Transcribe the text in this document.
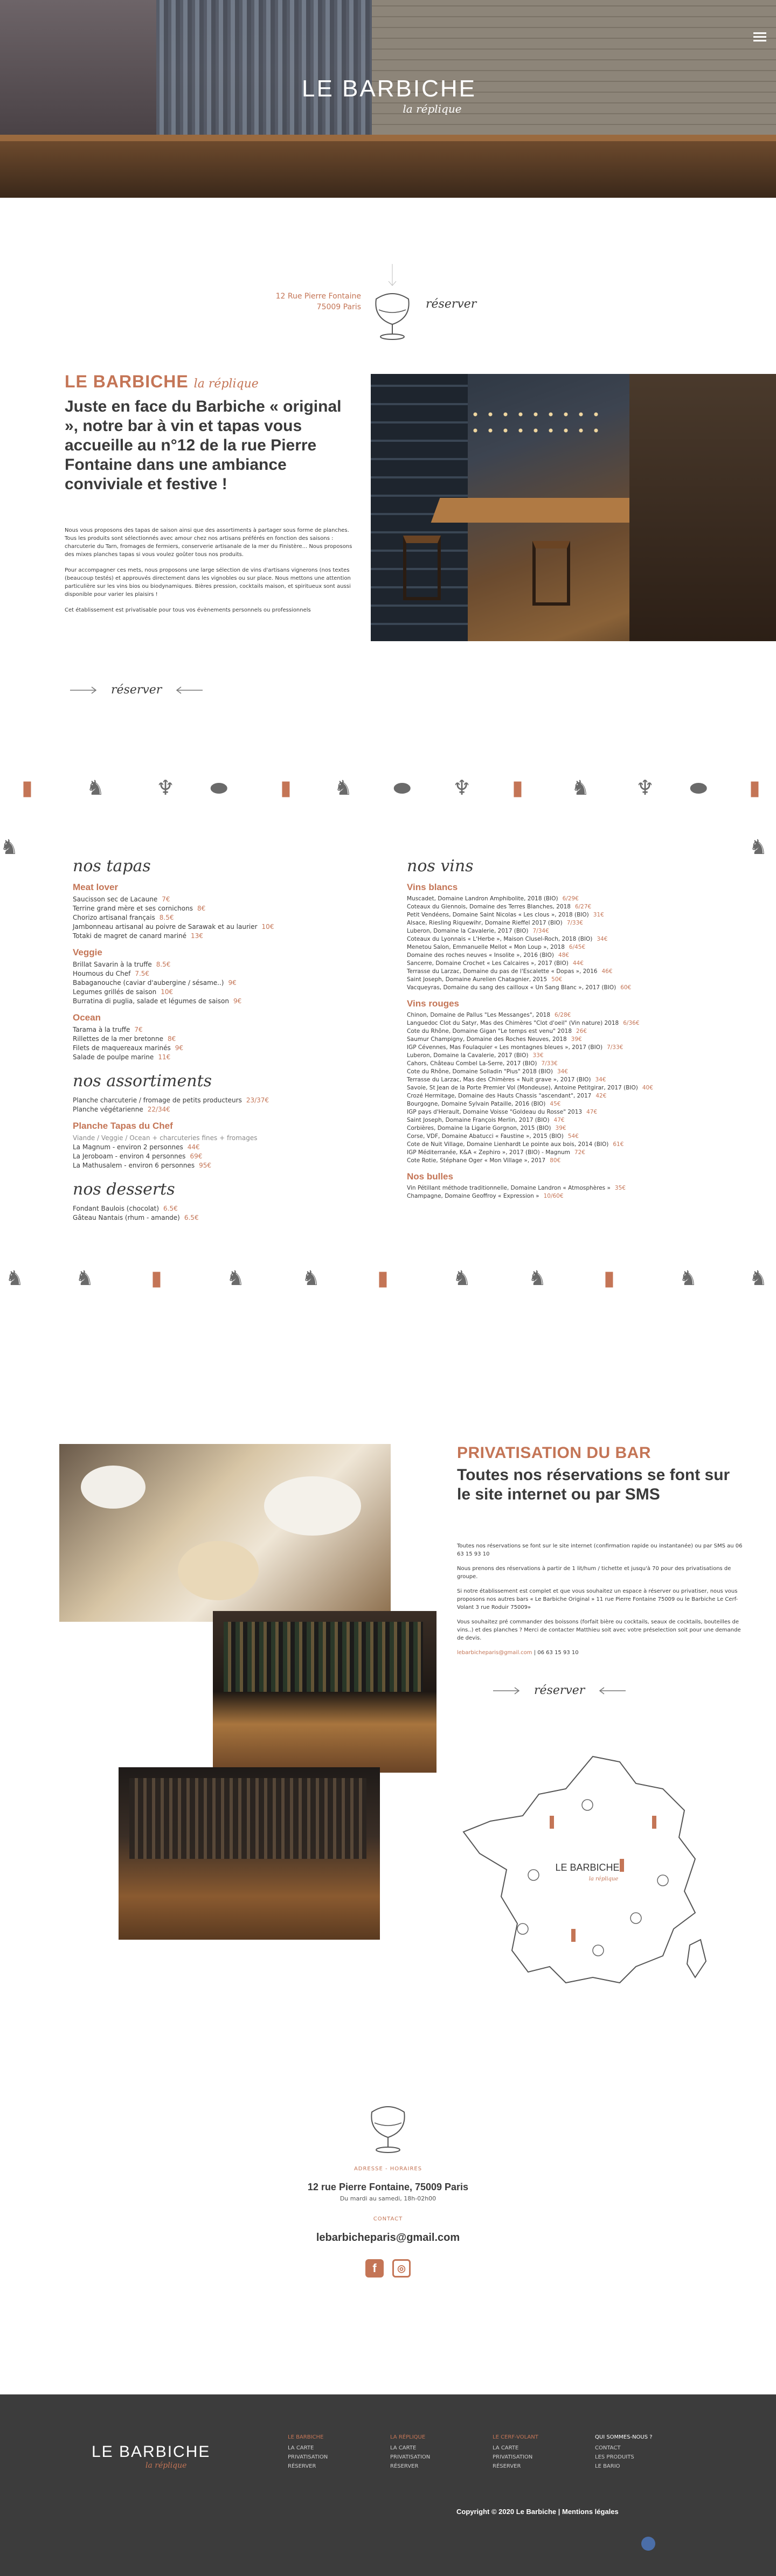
LE BARBICHE
la réplique
12 Rue Pierre Fontaine
75009 Paris	réserver
LE BARBICHE la réplique
Juste en face du Barbiche « original », notre bar à vin et tapas vous accueille au n°12 de la rue Pierre Fontaine dans une ambiance conviviale et festive !

Nous vous proposons des tapas de saison ainsi que des assortiments à partager sous forme de planches. Tous les produits sont sélectionnés avec amour chez nos artisans préférés en fonction des saisons : charcuterie du Tarn, fromages de fermiers, conserverie artisanale de la mer du Finistère... Nous proposons des mixes planches tapas si vous voulez goûter tous nos produits.

Pour accompagner ces mets, nous proposons une large sélection de vins d'artisans vignerons (nos textes (beaucoup testés) et approuvés directement dans les vignobles ou sur place. Nous mettons une attention particulière sur les vins bios ou biodynamiques. Bières pression, cocktails maison, et spiritueux sont aussi disponible pour varier les plaisirs !

Cet établissement est privatisable pour tous vos évènements personnels ou professionnels

réserver
▮	♞	♆ ⬬	▮ ♞ ⬬ ♆ ▮ ♞ ♆ ⬬ ▮
♞	♞
♞	♞	▮	♞	♞	▮	♞	♞	▮	♞	♞
nos tapas
Meat lover
Saucisson sec de Lacaune 7€
Terrine grand mère et ses cornichons 8€
Chorizo artisanal français 8.5€
Jambonneau artisanal au poivre de Sarawak et au laurier 10€
Totaki de magret de canard mariné 13€
Veggie
Brillat Savarin à la truffe 8.5€
Houmous du Chef 7.5€
Babaganouche (caviar d'aubergine / sésame..) 9€
Legumes grillés de saison 10€
Burratina di puglia, salade et légumes de saison 9€
Ocean
Tarama à la truffe 7€
Rillettes de la mer bretonne 8€
Filets de maquereaux marinés 9€
Salade de poulpe marine 11€
nos assortiments
Planche charcuterie / fromage de petits producteurs 23/37€
Planche végétarienne 22/34€
Planche Tapas du Chef
Viande / Veggie / Ocean + charcuteries fines + fromages
La Magnum - environ 2 personnes 44€
La Jeroboam - environ 4 personnes 69€
La Mathusalem - environ 6 personnes 95€
nos desserts
Fondant Baulois (chocolat) 6.5€
Gâteau Nantais (rhum - amande) 6.5€
nos vins
Vins blancs
Muscadet, Domaine Landron Amphibolite, 2018 (BIO) 6/29€
Coteaux du Giennois, Domaine des Terres Blanches, 2018 6/27€
Petit Vendéens, Domaine Saint Nicolas « Les clous », 2018 (BIO) 31€
Alsace, Riesling Riquewihr, Domaine Rieffel 2017 (BIO) 7/33€
Luberon, Domaine la Cavalerie, 2017 (BIO) 7/34€
Coteaux du Lyonnais « L'Herbe », Maison Clusel-Roch, 2018 (BIO) 34€
Menetou Salon, Emmanuelle Mellot « Mon Loup », 2018 6/45€
Domaine des roches neuves « Insolite », 2016 (BIO) 48€
Sancerre, Domaine Crochet « Les Calcaires », 2017 (BIO) 44€
Terrasse du Larzac, Domaine du pas de l'Escalette « Dopas », 2016 46€
Saint Joseph, Domaine Aurelien Chatagnier, 2015 50€
Vacqueyras, Domaine du sang des cailloux « Un Sang Blanc », 2017 (BIO) 60€
Vins rouges
Chinon, Domaine de Pallus "Les Messanges", 2018 6/28€
Languedoc Clot du Satyr, Mas des Chimères "Clot d'oeil" (Vin nature) 2018 6/36€
Cote du Rhône, Domaine Gigan "Le temps est venu" 2018 26€
Saumur Champigny, Domaine des Roches Neuves, 2018 39€
IGP Cévennes, Mas Foulaquier « Les montagnes bleues », 2017 (BIO) 7/33€
Luberon, Domaine la Cavalerie, 2017 (BIO) 33€
Cahors, Château Combel La-Serre, 2017 (BIO) 7/33€
Cote du Rhône, Domaine Solladin "Pius" 2018 (BIO) 34€
Terrasse du Larzac, Mas des Chimères « Nuit grave », 2017 (BIO) 34€
Savoie, St Jean de la Porte Premier Vol (Mondeuse), Antoine Petitgirar, 2017 (BIO) 40€
Crozé Hermitage, Domaine des Hauts Chassis "ascendant", 2017 42€
Bourgogne, Domaine Sylvain Pataille, 2016 (BIO) 45€
IGP pays d'Herault, Domaine Voisse "Goldeau du Rosse" 2013 47€
Saint Joseph, Domaine François Merlin, 2017 (BIO) 47€
Corbières, Domaine la Ligarie Gorgnon, 2015 (BIO) 39€
Corse, VDF, Domaine Abatucci « Faustine », 2015 (BIO) 54€
Cote de Nuit Village, Domaine Lienhardt Le pointe aux bois, 2014 (BIO) 61€
IGP Méditerranée, K&A « Zephiro », 2017 (BIO) - Magnum 72€
Cote Rotie, Stéphane Oger « Mon Village », 2017 80€
Nos bulles
Vin Pétillant méthode traditionnelle, Domaine Landron « Atmosphères » 35€
Champagne, Domaine Geoffroy « Expression » 10/60€
PRIVATISATION DU BAR
Toutes nos réservations se font sur le site internet ou par SMS

Toutes nos réservations se font sur le site internet (confirmation rapide ou instantanée) ou par SMS au 06 63 15 93 10

Nous prenons des réservations à partir de 1 lit/hum / tichette et jusqu'à 70 pour des privatisations de groupe.

Si notre établissement est complet et que vous souhaitez un espace à réserver ou privatiser, nous vous proposons nos autres bars « Le Barbiche Original » 11 rue Pierre Fontaine 75009 ou le Barbiche Le Cerf-Volant 3 rue Roduir 75009»

Vous souhaitez pré commander des boissons (forfait bière ou cocktails, seaux de cocktails, bouteilles de vins..) et des planches ? Merci de contacter Matthieu soit avec votre préselection soit pour une demande de devis.

lebarbicheparis@gmail.com | 06 63 15 93 10

réserver
LE BARBICHE
la réplique
ADRESSE - HORAIRES
12 rue Pierre Fontaine, 75009 Paris
Du mardi au samedi, 18h-02h00
CONTACT
lebarbicheparis@gmail.com
f	◎
LE BARBICHE
la réplique
LE BARBICHE
LA CARTE
PRIVATISATION
RÉSERVER
LA RÉPLIQUE
LA CARTE
PRIVATISATION
RÉSERVER
LE CERF-VOLANT
LA CARTE
PRIVATISATION
RÉSERVER
QUI SOMMES-NOUS ?
CONTACT
LES PRODUITS
LE BARIO
Copyright © 2020 Le Barbiche | Mentions légales
